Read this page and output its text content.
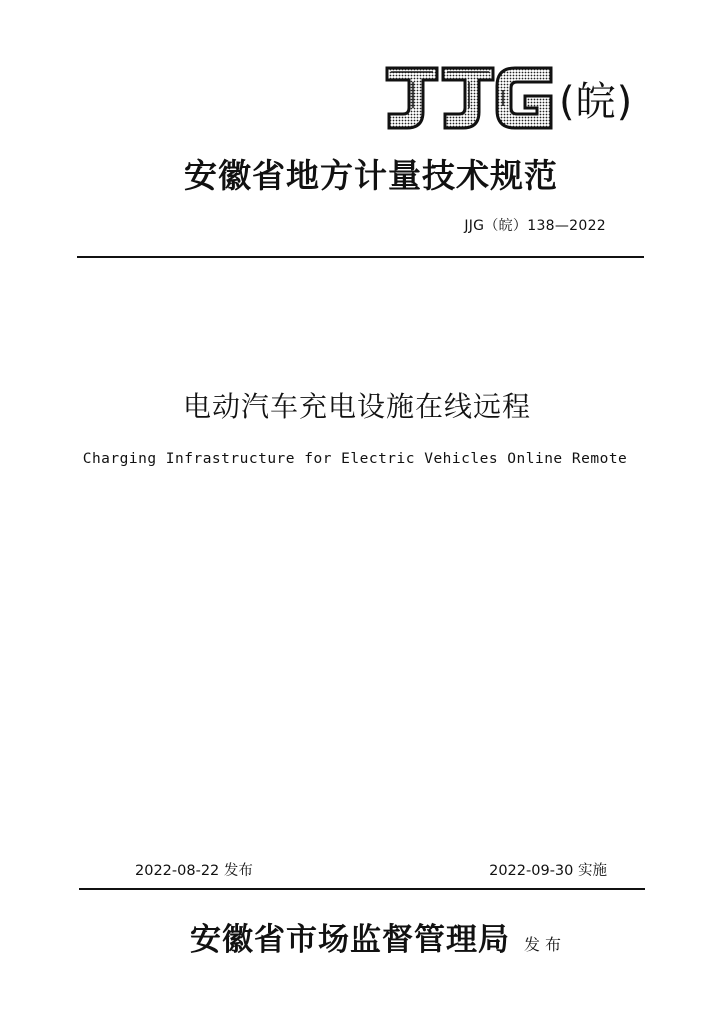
(皖)
安徽省地方计量技术规范
JJG（皖）138—2022
电动汽车充电设施在线远程
Charging Infrastructure for Electric Vehicles Online Remote
2022-08-22 发布	2022-09-30 实施
安徽省市场监督管理局 发布
